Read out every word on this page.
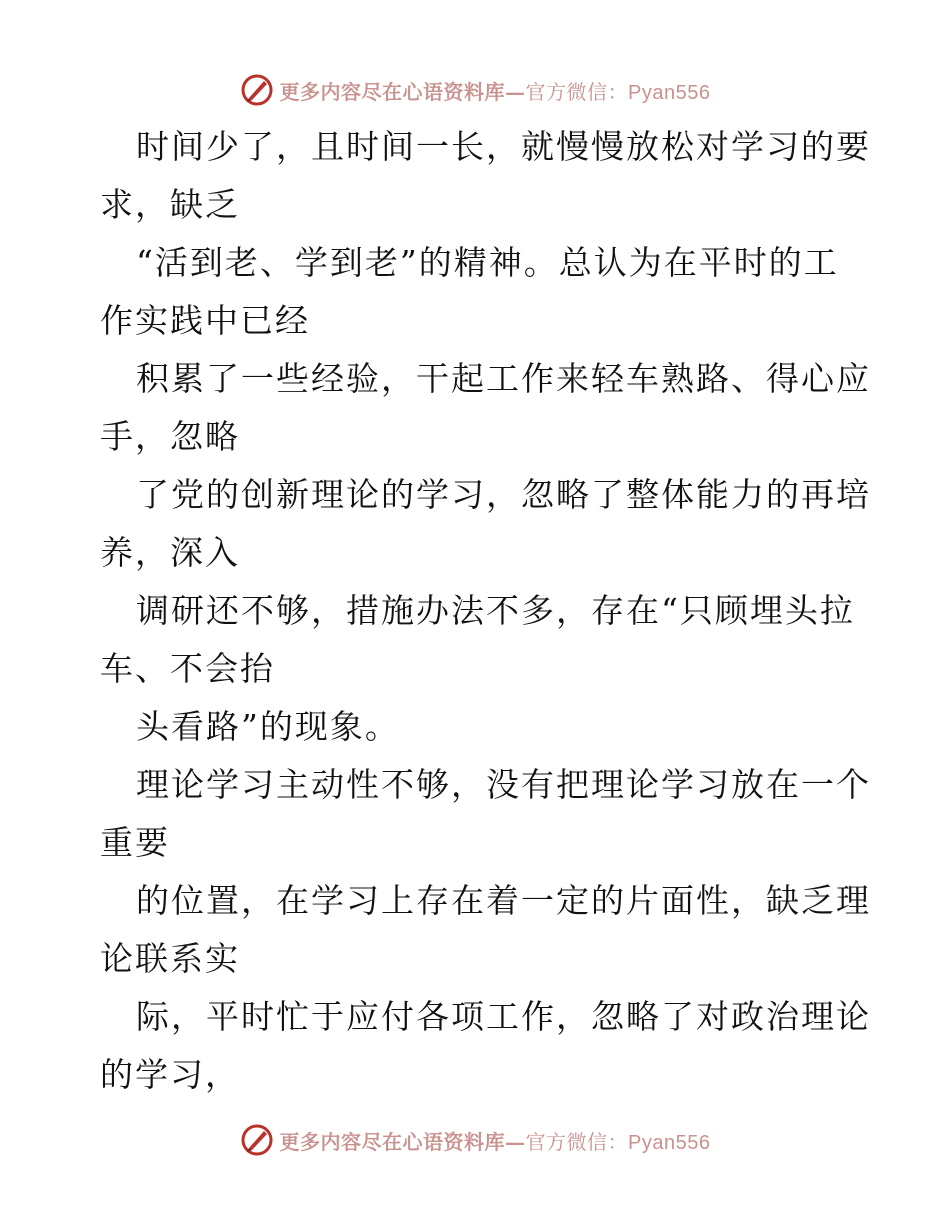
更多内容尽在心语资料库—官方微信：Pyan556
时间少了，且时间一长，就慢慢放松对学习的要
求，缺乏
“活到老、学到老”的精神。总认为在平时的工
作实践中已经
积累了一些经验，干起工作来轻车熟路、得心应
手，忽略
了党的创新理论的学习，忽略了整体能力的再培
养，深入
调研还不够，措施办法不多，存在“只顾埋头拉
车、不会抬
头看路”的现象。
理论学习主动性不够，没有把理论学习放在一个
重要
的位置，在学习上存在着一定的片面性，缺乏理
论联系实
际，平时忙于应付各项工作，忽略了对政治理论
的学习，
更多内容尽在心语资料库—官方微信：Pyan556
